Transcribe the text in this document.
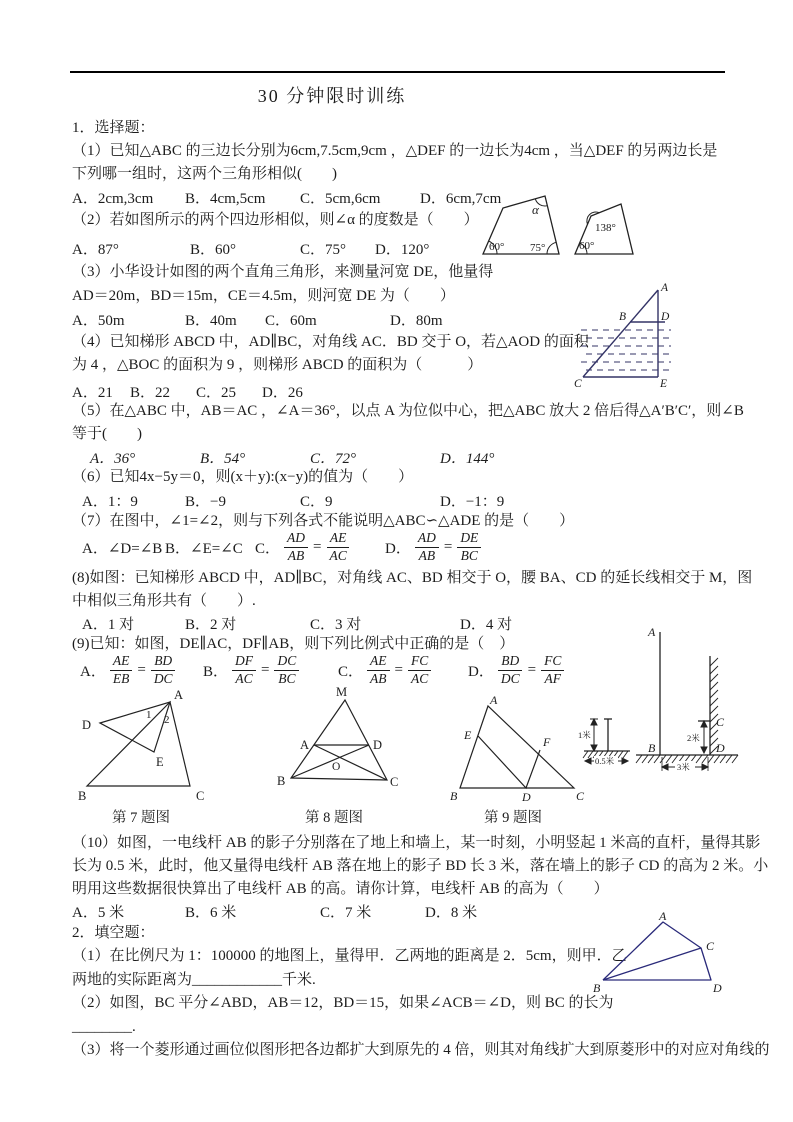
30 分钟限时训练
1．选择题：
（1）已知△ABC 的三边长分别为6cm,7.5cm,9cm ，△DEF 的一边长为4cm ，当△DEF 的另两边长是
下列哪一组时，这两个三角形相似(　　)
A．2cm,3cm	B．4cm,5cm	C．5cm,6cm	D．6cm,7cm
（2）若如图所示的两个四边形相似，则∠α 的度数是（　　）
A．87°	B．60°	C．75°	D．120°
α
60° 75°
138°
60°
（3）小华设计如图的两个直角三角形，来测量河宽 DE，他量得
AD＝20m，BD＝15m，CE＝4.5m，则河宽 DE 为（　　）
A．50m	B．40m	C．60m	D．80m
A
B	D
C	E
（4）已知梯形 ABCD 中，AD∥BC，对角线 AC．BD 交于 O，若△AOD 的面积
为 4 ，△BOC 的面积为 9 ，则梯形 ABCD 的面积为（　　　）
A．21	B．22	C．25	D．26
（5）在△ABC 中，AB＝AC ，∠A＝36°，以点 A 为位似中心，把△ABC 放大 2 倍后得△A′B′C′，则∠B
等于(　　)
A．36°	B．54°	C．72°	D．144°
（6）已知4x−5y＝0，则(x＋y):(x−y)的值为（　　）
A．1：9	B．−9	C．9	D．−1：9
（7）在图中，∠1=∠2，则与下列各式不能说明△ABC∽△ADE 的是（　　）
A．∠D=∠B B．∠E=∠C C． $\frac{AD}{AB} = \frac{AE}{AC}$ D． $\frac{AD}{AB} = \frac{DE}{BC}$
(8)如图：已知梯形 ABCD 中，AD∥BC，对角线 AC、BD 相交于 O，腰 BA、CD 的延长线相交于 M，图
中相似三角形共有（　　）.
A．1 对	B．2 对	C．3 对	D．4 对
(9)已知：如图，DE∥AC，DF∥AB，则下列比例式中正确的是（　）
A． $\frac{AE}{EB} = \frac{BD}{DC}$ B． $\frac{DF}{AC} = \frac{DC}{BC}$	C． $\frac{AE}{AB} = \frac{FC}{AC}$ D． $\frac{BD}{DC} = \frac{FC}{AF}$
A
D
E
B	C
1 2
M
A	D
B	C
O
A
E
B	D	C
F
A
B
C
D
1米
0.5米
2米
3米
第 7 题图	第 8 题图	第 9 题图
（10）如图，一电线杆 AB 的影子分别落在了地上和墙上，某一时刻，小明竖起 1 米高的直杆，量得其影
长为 0.5 米，此时，他又量得电线杆 AB 落在地上的影子 BD 长 3 米，落在墙上的影子 CD 的高为 2 米。小
明用这些数据很快算出了电线杆 AB 的高。请你计算，电线杆 AB 的高为（　　）
A．5 米	B．6 米	C．7 米	D．8 米
2．填空题：
（1）在比例尺为 1：100000 的地图上，量得甲．乙两地的距离是 2．5cm，则甲．乙
两地的实际距离为____________千米.
（2）如图，BC 平分∠ABD，AB＝12，BD＝15，如果∠ACB＝∠D，则 BC 的长为
________.
（3）将一个菱形通过画位似图形把各边都扩大到原先的 4 倍，则其对角线扩大到原菱形中的对应对角线的
A
C
B	D
